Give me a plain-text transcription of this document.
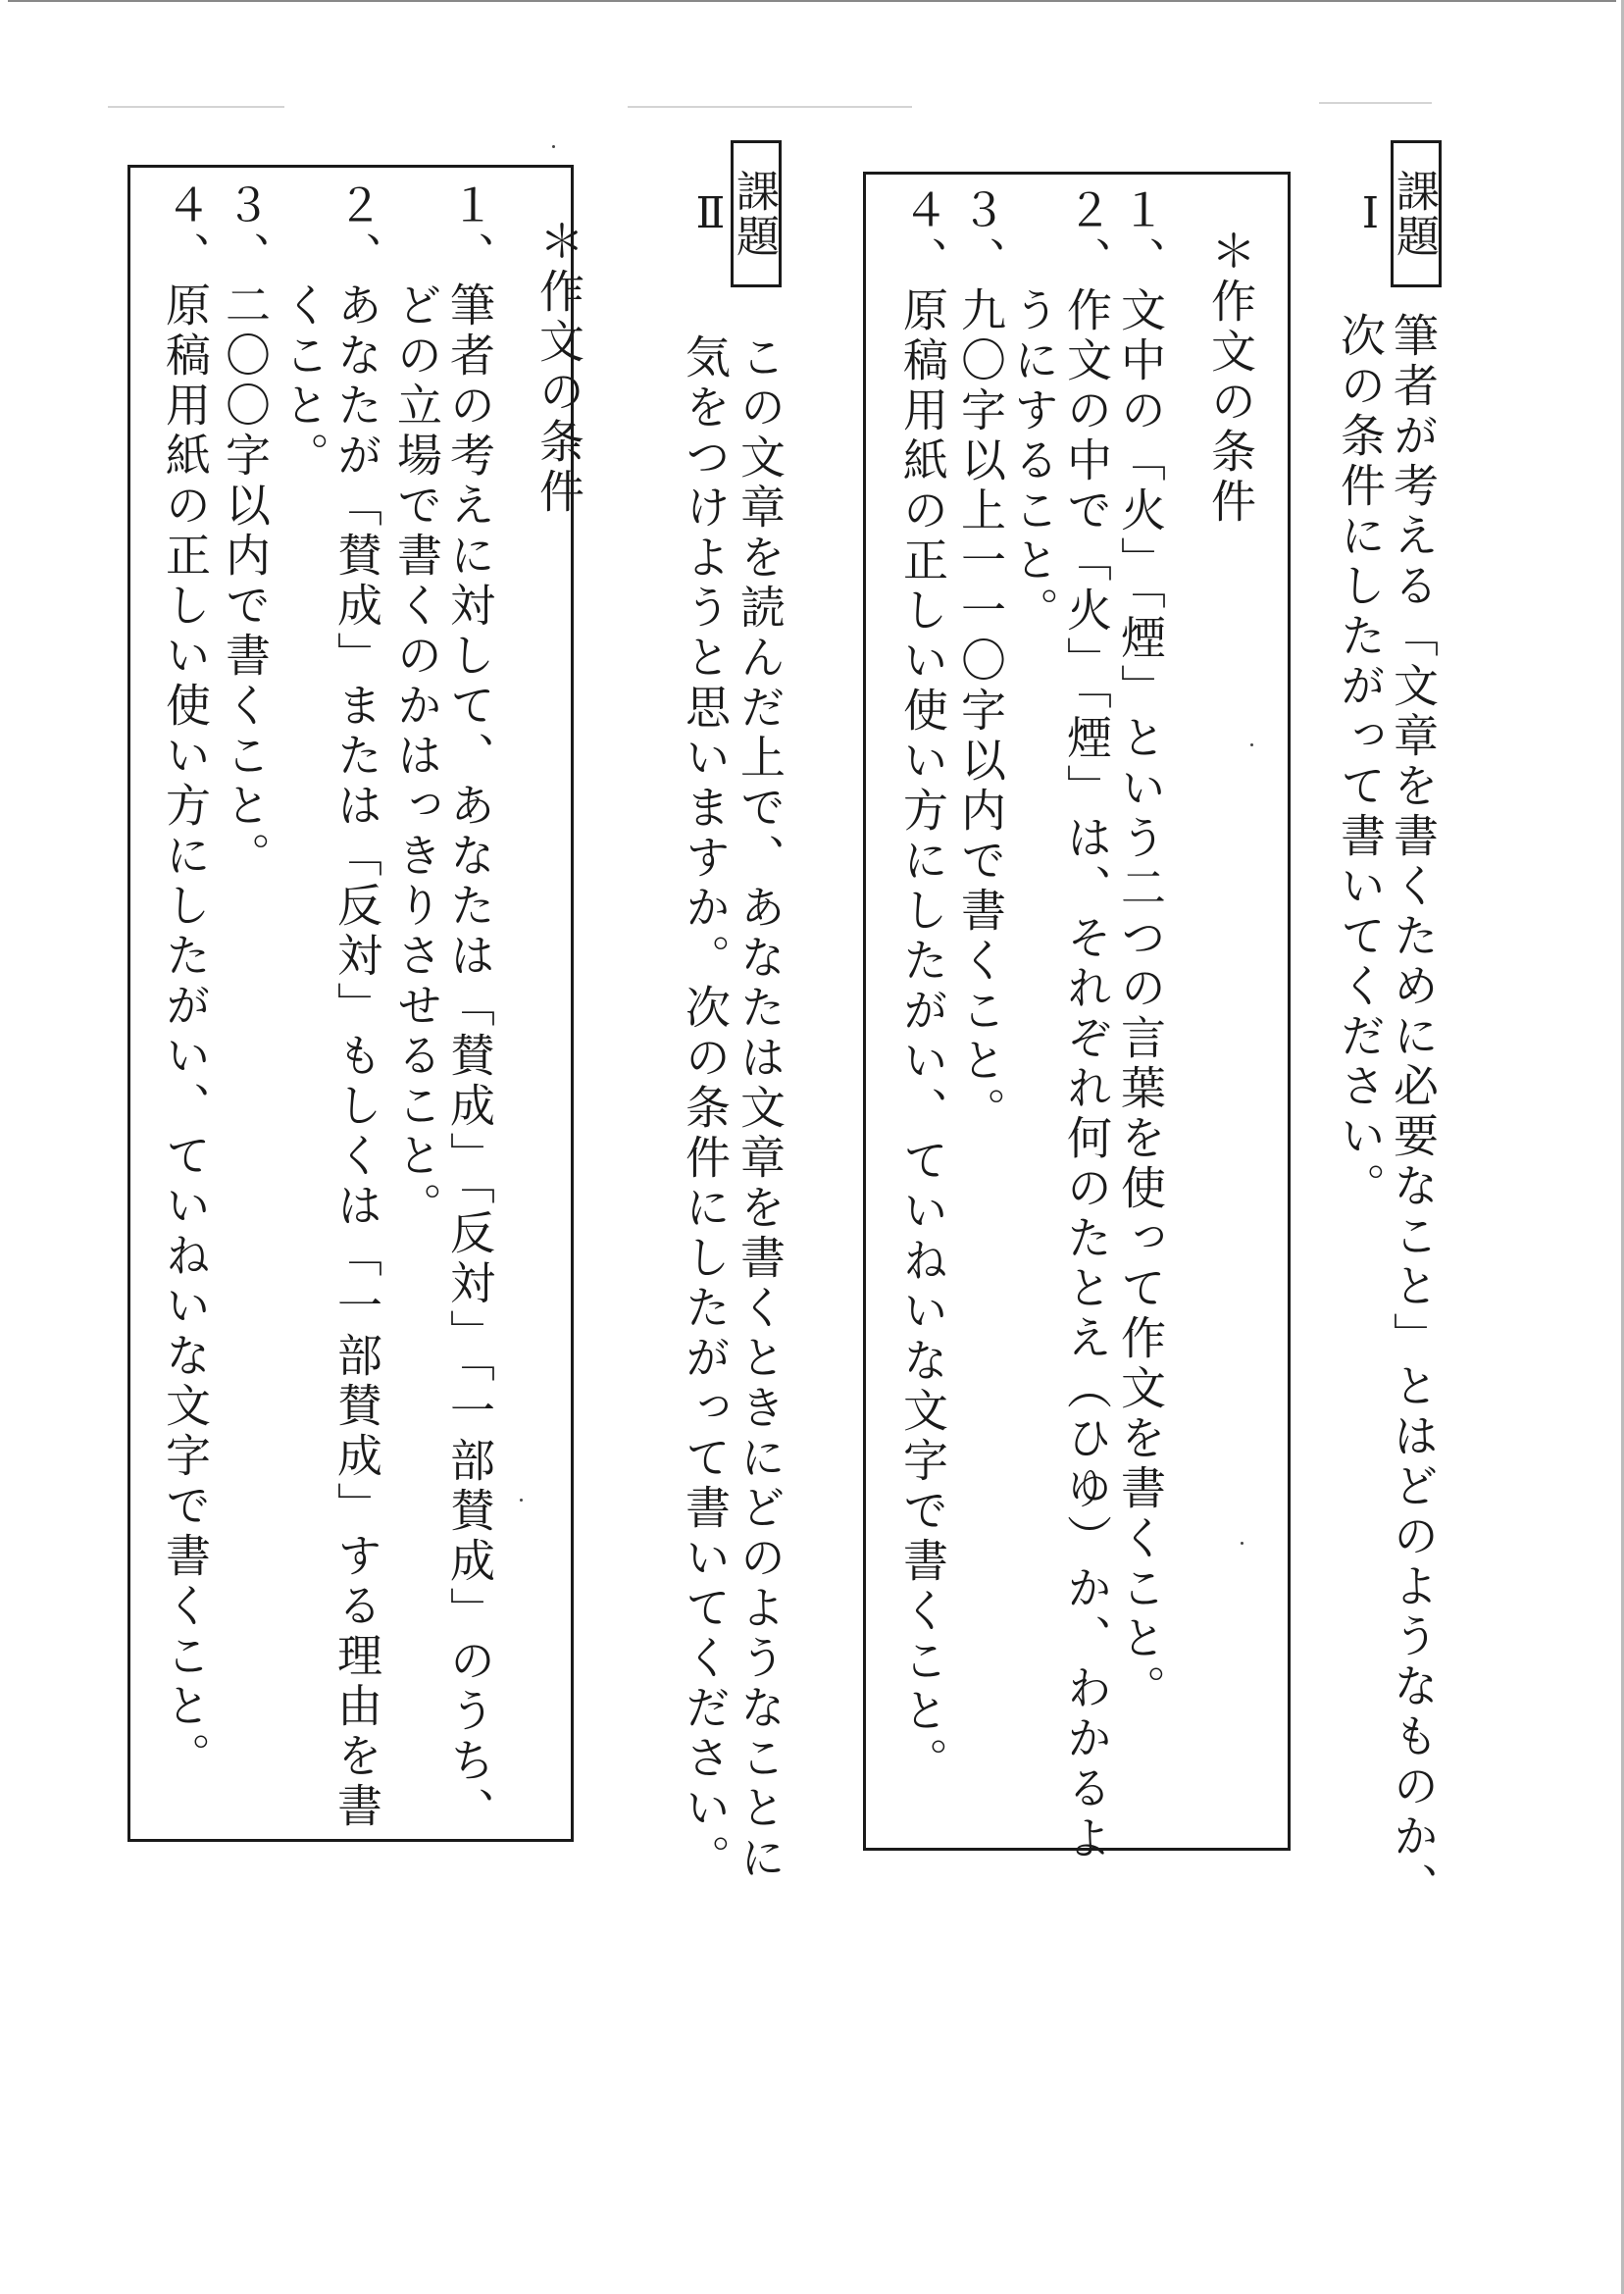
課題Ⅰ
筆者が考える「文章を書くために必要なこと」とはどのようなものか、
次の条件にしたがって書いてください。
＊作文の条件
１、文中の「火」「煙」という二つの言葉を使って作文を書くこと。
２、作文の中で「火」「煙」は、それぞれ何のたとえ（ひゆ）か、わかるよ
　　うにすること。
３、九〇字以上一一〇字以内で書くこと。
４、原稿用紙の正しい使い方にしたがい、ていねいな文字で書くこと。
課題Ⅱ
この文章を読んだ上で、あなたは文章を書くときにどのようなことに
気をつけようと思いますか。次の条件にしたがって書いてください。
＊作文の条件
１、筆者の考えに対して、あなたは「賛成」「反対」「一部賛成」のうち、
　　どの立場で書くのかはっきりさせること。
２、あなたが「賛成」または「反対」もしくは「一部賛成」する理由を書
　　くこと。
３、二〇〇字以内で書くこと。
４、原稿用紙の正しい使い方にしたがい、ていねいな文字で書くこと。
